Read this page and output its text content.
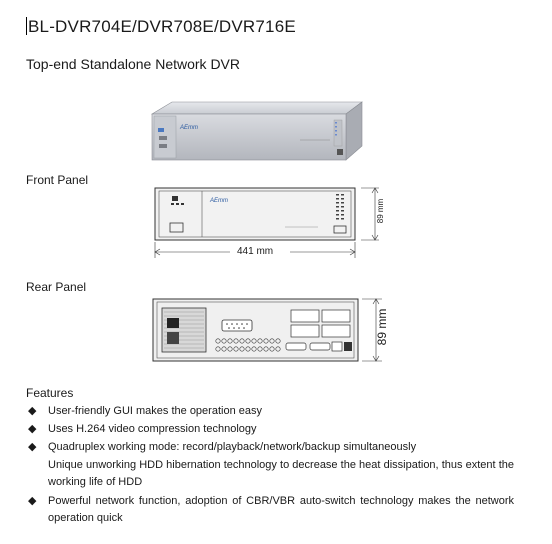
BL-DVR704E/DVR708E/DVR716E
Top-end Standalone Network DVR
AEmm
Front Panel
AEmm
441 mm
89 mm
Rear Panel
89 mm
Features
◆ User-friendly GUI makes the operation easy
◆ Uses H.264 video compression technology
◆ Quadruplex working mode: record/playback/network/backup simultaneously
Unique unworking HDD hibernation technology to decrease the heat dissipation, thus extent the working life of HDD
◆ Powerful network function, adoption of CBR/VBR auto-switch technology makes the network operation quick
